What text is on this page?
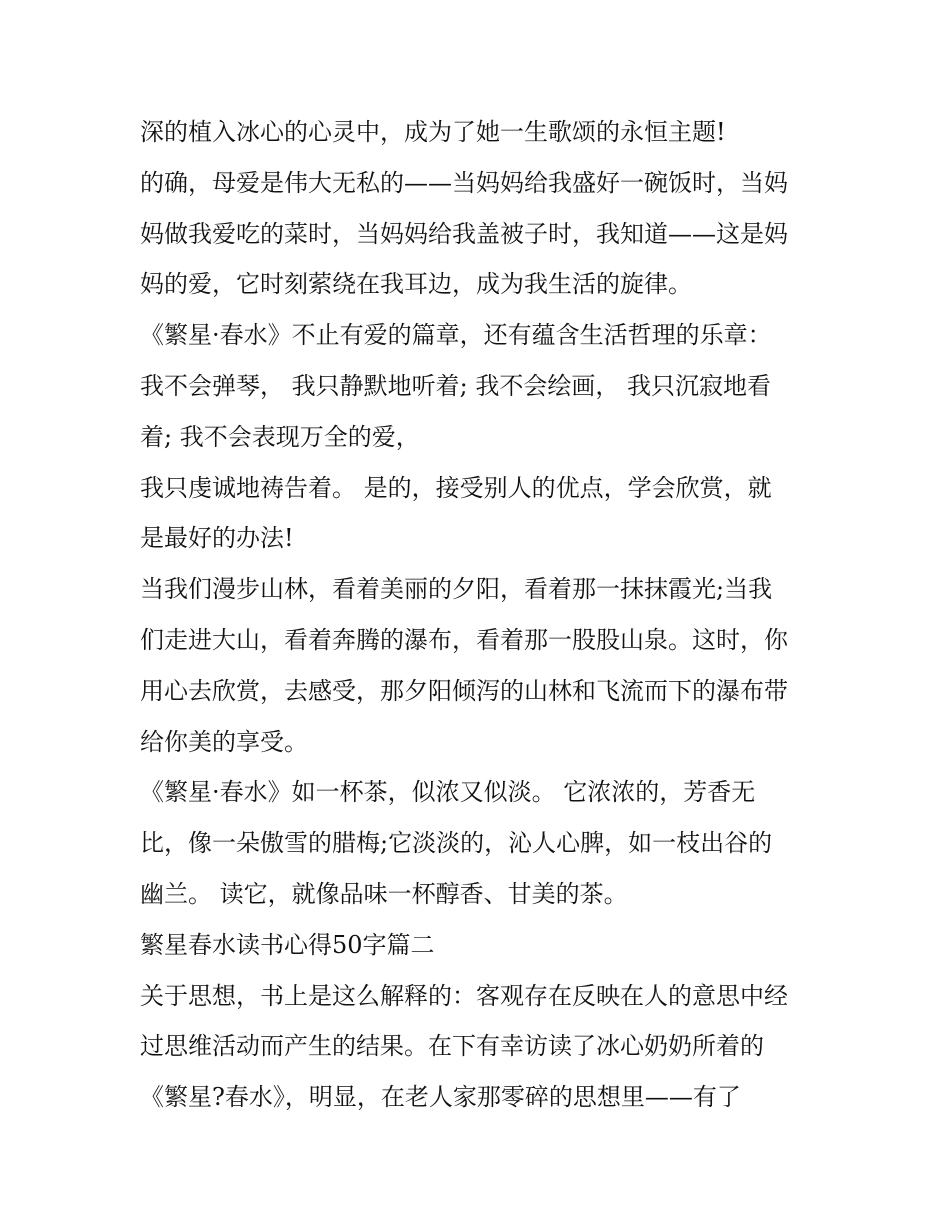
深的植入冰心的心灵中，成为了她一生歌颂的永恒主题!
的确，母爱是伟大无私的——当妈妈给我盛好一碗饭时，当妈
妈做我爱吃的菜时，当妈妈给我盖被子时，我知道——这是妈
妈的爱，它时刻萦绕在我耳边，成为我生活的旋律。
《繁星·春水》不止有爱的篇章，还有蕴含生活哲理的乐章：
我不会弹琴， 我只静默地听着; 我不会绘画， 我只沉寂地看
着; 我不会表现万全的爱，
我只虔诚地祷告着。 是的，接受别人的优点，学会欣赏，就
是最好的办法!
当我们漫步山林，看着美丽的夕阳，看着那一抹抹霞光;当我
们走进大山，看着奔腾的瀑布，看着那一股股山泉。这时，你
用心去欣赏，去感受，那夕阳倾泻的山林和飞流而下的瀑布带
给你美的享受。
《繁星·春水》如一杯茶，似浓又似淡。 它浓浓的，芳香无
比，像一朵傲雪的腊梅;它淡淡的，沁人心脾，如一枝出谷的
幽兰。 读它，就像品味一杯醇香、甘美的茶。
繁星春水读书心得50字篇二
关于思想，书上是这么解释的：客观存在反映在人的意思中经
过思维活动而产生的结果。在下有幸访读了冰心奶奶所着的
《繁星?春水》，明显，在老人家那零碎的思想里——有了
